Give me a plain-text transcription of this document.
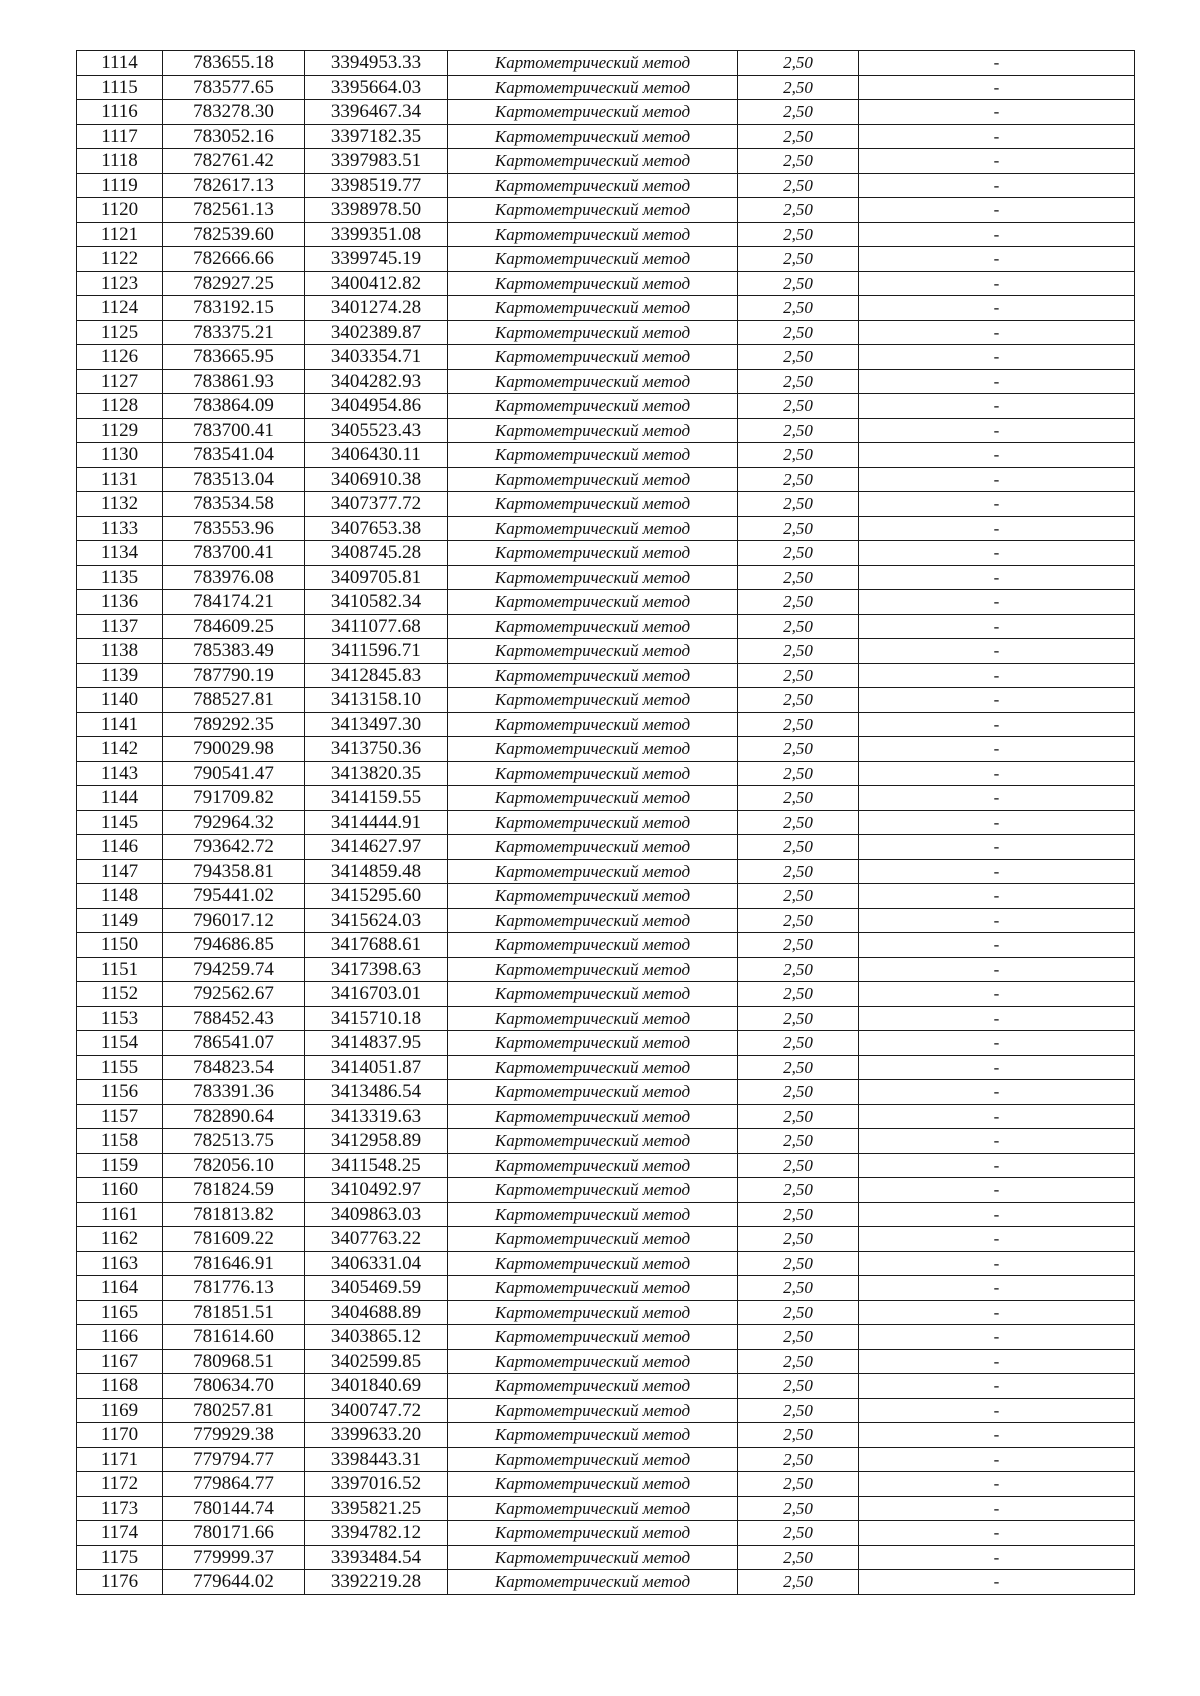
1114	783655.18	3394953.33	Картометрический метод	2,50	-
1115	783577.65	3395664.03	Картометрический метод	2,50	-
1116	783278.30	3396467.34	Картометрический метод	2,50	-
1117	783052.16	3397182.35	Картометрический метод	2,50	-
1118	782761.42	3397983.51	Картометрический метод	2,50	-
1119	782617.13	3398519.77	Картометрический метод	2,50	-
1120	782561.13	3398978.50	Картометрический метод	2,50	-
1121	782539.60	3399351.08	Картометрический метод	2,50	-
1122	782666.66	3399745.19	Картометрический метод	2,50	-
1123	782927.25	3400412.82	Картометрический метод	2,50	-
1124	783192.15	3401274.28	Картометрический метод	2,50	-
1125	783375.21	3402389.87	Картометрический метод	2,50	-
1126	783665.95	3403354.71	Картометрический метод	2,50	-
1127	783861.93	3404282.93	Картометрический метод	2,50	-
1128	783864.09	3404954.86	Картометрический метод	2,50	-
1129	783700.41	3405523.43	Картометрический метод	2,50	-
1130	783541.04	3406430.11	Картометрический метод	2,50	-
1131	783513.04	3406910.38	Картометрический метод	2,50	-
1132	783534.58	3407377.72	Картометрический метод	2,50	-
1133	783553.96	3407653.38	Картометрический метод	2,50	-
1134	783700.41	3408745.28	Картометрический метод	2,50	-
1135	783976.08	3409705.81	Картометрический метод	2,50	-
1136	784174.21	3410582.34	Картометрический метод	2,50	-
1137	784609.25	3411077.68	Картометрический метод	2,50	-
1138	785383.49	3411596.71	Картометрический метод	2,50	-
1139	787790.19	3412845.83	Картометрический метод	2,50	-
1140	788527.81	3413158.10	Картометрический метод	2,50	-
1141	789292.35	3413497.30	Картометрический метод	2,50	-
1142	790029.98	3413750.36	Картометрический метод	2,50	-
1143	790541.47	3413820.35	Картометрический метод	2,50	-
1144	791709.82	3414159.55	Картометрический метод	2,50	-
1145	792964.32	3414444.91	Картометрический метод	2,50	-
1146	793642.72	3414627.97	Картометрический метод	2,50	-
1147	794358.81	3414859.48	Картометрический метод	2,50	-
1148	795441.02	3415295.60	Картометрический метод	2,50	-
1149	796017.12	3415624.03	Картометрический метод	2,50	-
1150	794686.85	3417688.61	Картометрический метод	2,50	-
1151	794259.74	3417398.63	Картометрический метод	2,50	-
1152	792562.67	3416703.01	Картометрический метод	2,50	-
1153	788452.43	3415710.18	Картометрический метод	2,50	-
1154	786541.07	3414837.95	Картометрический метод	2,50	-
1155	784823.54	3414051.87	Картометрический метод	2,50	-
1156	783391.36	3413486.54	Картометрический метод	2,50	-
1157	782890.64	3413319.63	Картометрический метод	2,50	-
1158	782513.75	3412958.89	Картометрический метод	2,50	-
1159	782056.10	3411548.25	Картометрический метод	2,50	-
1160	781824.59	3410492.97	Картометрический метод	2,50	-
1161	781813.82	3409863.03	Картометрический метод	2,50	-
1162	781609.22	3407763.22	Картометрический метод	2,50	-
1163	781646.91	3406331.04	Картометрический метод	2,50	-
1164	781776.13	3405469.59	Картометрический метод	2,50	-
1165	781851.51	3404688.89	Картометрический метод	2,50	-
1166	781614.60	3403865.12	Картометрический метод	2,50	-
1167	780968.51	3402599.85	Картометрический метод	2,50	-
1168	780634.70	3401840.69	Картометрический метод	2,50	-
1169	780257.81	3400747.72	Картометрический метод	2,50	-
1170	779929.38	3399633.20	Картометрический метод	2,50	-
1171	779794.77	3398443.31	Картометрический метод	2,50	-
1172	779864.77	3397016.52	Картометрический метод	2,50	-
1173	780144.74	3395821.25	Картометрический метод	2,50	-
1174	780171.66	3394782.12	Картометрический метод	2,50	-
1175	779999.37	3393484.54	Картометрический метод	2,50	-
1176	779644.02	3392219.28	Картометрический метод	2,50	-
